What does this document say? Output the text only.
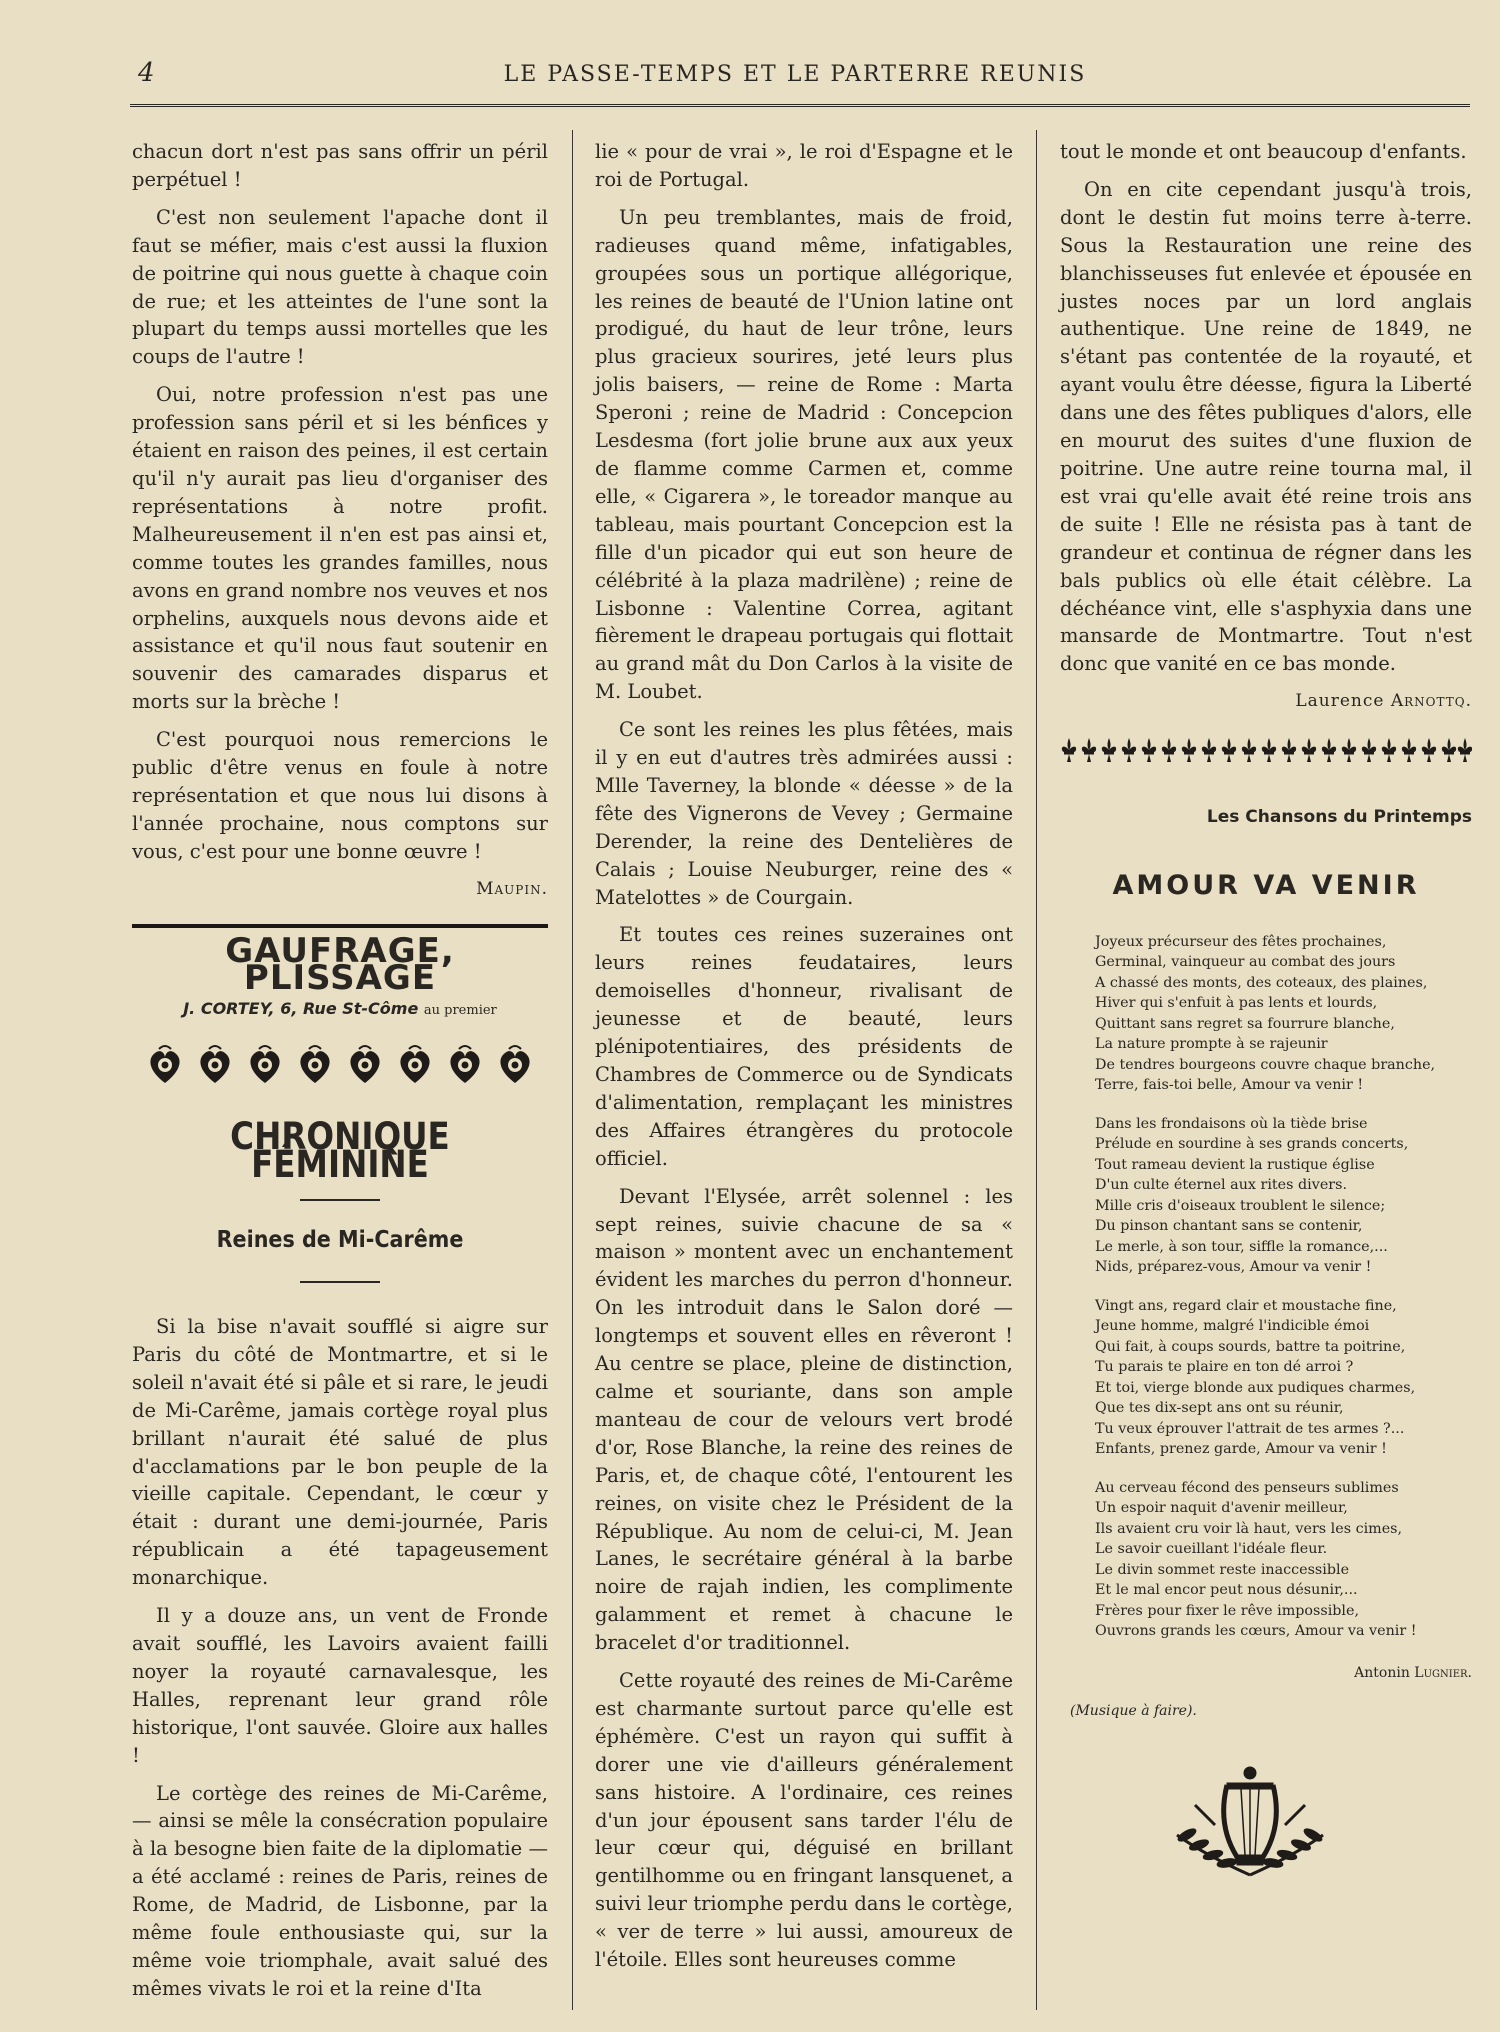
4	LE PASSE-TEMPS ET LE PARTERRE REUNIS

chacun dort n'est pas sans offrir un péril perpétuel !

C'est non seulement l'apache dont il faut se méfier, mais c'est aussi la fluxion de poitrine qui nous guette à chaque coin de rue; et les atteintes de l'une sont la plupart du temps aussi mortelles que les coups de l'autre !

Oui, notre profession n'est pas une profession sans péril et si les bénfices y étaient en raison des peines, il est certain qu'il n'y aurait pas lieu d'organiser des représentations à notre profit. Malheureusement il n'en est pas ainsi et, comme toutes les grandes familles, nous avons en grand nombre nos veuves et nos orphelins, auxquels nous devons aide et assistance et qu'il nous faut soutenir en souvenir des camarades disparus et morts sur la brèche !

C'est pourquoi nous remercions le public d'être venus en foule à notre représentation et que nous lui disons à l'année prochaine, nous comptons sur vous, c'est pour une bonne œuvre !

Maupin.
GAUFRAGE, PLISSAGE
J. CORTEY, 6, Rue St-Côme au premier
CHRONIQUE FÉMININE
Reines de Mi-Carême

Si la bise n'avait soufflé si aigre sur Paris du côté de Montmartre, et si le soleil n'avait été si pâle et si rare, le jeudi de Mi-Carême, jamais cortège royal plus brillant n'aurait été salué de plus d'acclamations par le bon peuple de la vieille capitale. Cependant, le cœur y était : durant une demi-journée, Paris républicain a été tapageusement monarchique.

Il y a douze ans, un vent de Fronde avait soufflé, les Lavoirs avaient failli noyer la royauté carnavalesque, les Halles, reprenant leur grand rôle historique, l'ont sauvée. Gloire aux halles !

Le cortège des reines de Mi-Carême, — ainsi se mêle la consécration populaire à la besogne bien faite de la diplomatie — a été acclamé : reines de Paris, reines de Rome, de Madrid, de Lisbonne, par la même foule enthousiaste qui, sur la même voie triomphale, avait salué des mêmes vivats le roi et la reine d'Ita

lie « pour de vrai », le roi d'Espagne et le roi de Portugal.

Un peu tremblantes, mais de froid, radieuses quand même, infatigables, groupées sous un portique allégorique, les reines de beauté de l'Union latine ont prodigué, du haut de leur trône, leurs plus gracieux sourires, jeté leurs plus jolis baisers, — reine de Rome : Marta Speroni ; reine de Madrid : Concepcion Lesdesma (fort jolie brune aux aux yeux de flamme comme Carmen et, comme elle, « Cigarera », le toreador manque au tableau, mais pourtant Concepcion est la fille d'un picador qui eut son heure de célébrité à la plaza madrilène) ; reine de Lisbonne : Valentine Correa, agitant fièrement le drapeau portugais qui flottait au grand mât du Don Carlos à la visite de M. Loubet.

Ce sont les reines les plus fêtées, mais il y en eut d'autres très admirées aussi : Mlle Taverney, la blonde « déesse » de la fête des Vignerons de Vevey ; Germaine Derender, la reine des Dentelières de Calais ; Louise Neuburger, reine des « Matelottes » de Courgain.

Et toutes ces reines suzeraines ont leurs reines feudataires, leurs demoiselles d'honneur, rivalisant de jeunesse et de beauté, leurs plénipotentiaires, des présidents de Chambres de Commerce ou de Syndicats d'alimentation, remplaçant les ministres des Affaires étrangères du protocole officiel.

Devant l'Elysée, arrêt solennel : les sept reines, suivie chacune de sa « maison » montent avec un enchantement évident les marches du perron d'honneur. On les introduit dans le Salon doré — longtemps et souvent elles en rêveront ! Au centre se place, pleine de distinction, calme et souriante, dans son ample manteau de cour de velours vert brodé d'or, Rose Blanche, la reine des reines de Paris, et, de chaque côté, l'entourent les reines, on visite chez le Président de la République. Au nom de celui-ci, M. Jean Lanes, le secrétaire général à la barbe noire de rajah indien, les complimente galamment et remet à chacune le bracelet d'or traditionnel.

Cette royauté des reines de Mi-Carême est charmante surtout parce qu'elle est éphémère. C'est un rayon qui suffit à dorer une vie d'ailleurs généralement sans histoire. A l'ordinaire, ces reines d'un jour épousent sans tarder l'élu de leur cœur qui, déguisé en brillant gentilhomme ou en fringant lansquenet, a suivi leur triomphe perdu dans le cortège, « ver de terre » lui aussi, amoureux de l'étoile. Elles sont heureuses comme

tout le monde et ont beaucoup d'enfants.

On en cite cependant jusqu'à trois, dont le destin fut moins terre à-terre. Sous la Restauration une reine des blanchisseuses fut enlevée et épousée en justes noces par un lord anglais authentique. Une reine de 1849, ne s'étant pas contentée de la royauté, et ayant voulu être déesse, figura la Liberté dans une des fêtes publiques d'alors, elle en mourut des suites d'une fluxion de poitrine. Une autre reine tourna mal, il est vrai qu'elle avait été reine trois ans de suite ! Elle ne résista pas à tant de grandeur et continua de régner dans les bals publics où elle était célèbre. La déchéance vint, elle s'asphyxia dans une mansarde de Montmartre. Tout n'est donc que vanité en ce bas monde.

Laurence Arnottq.
Les Chansons du Printemps
AMOUR VA VENIR
Joyeux précurseur des fêtes prochaines,
Germinal, vainqueur au combat des jours
A chassé des monts, des coteaux, des plaines,
Hiver qui s'enfuit à pas lents et lourds,
Quittant sans regret sa fourrure blanche,
La nature prompte à se rajeunir
De tendres bourgeons couvre chaque branche,
Terre, fais-toi belle, Amour va venir !
Dans les frondaisons où la tiède brise
Prélude en sourdine à ses grands concerts,
Tout rameau devient la rustique église
D'un culte éternel aux rites divers.
Mille cris d'oiseaux troublent le silence;
Du pinson chantant sans se contenir,
Le merle, à son tour, siffle la romance,...
Nids, préparez-vous, Amour va venir !
Vingt ans, regard clair et moustache fine,
Jeune homme, malgré l'indicible émoi
Qui fait, à coups sourds, battre ta poitrine,
Tu parais te plaire en ton dé arroi ?
Et toi, vierge blonde aux pudiques charmes,
Que tes dix-sept ans ont su réunir,
Tu veux éprouver l'attrait de tes armes ?...
Enfants, prenez garde, Amour va venir !
Au cerveau fécond des penseurs sublimes
Un espoir naquit d'avenir meilleur,
Ils avaient cru voir là haut, vers les cimes,
Le savoir cueillant l'idéale fleur.
Le divin sommet reste inaccessible
Et le mal encor peut nous désunir,...
Frères pour fixer le rêve impossible,
Ouvrons grands les cœurs, Amour va venir !
Antonin Lugnier.
(Musique à faire).
